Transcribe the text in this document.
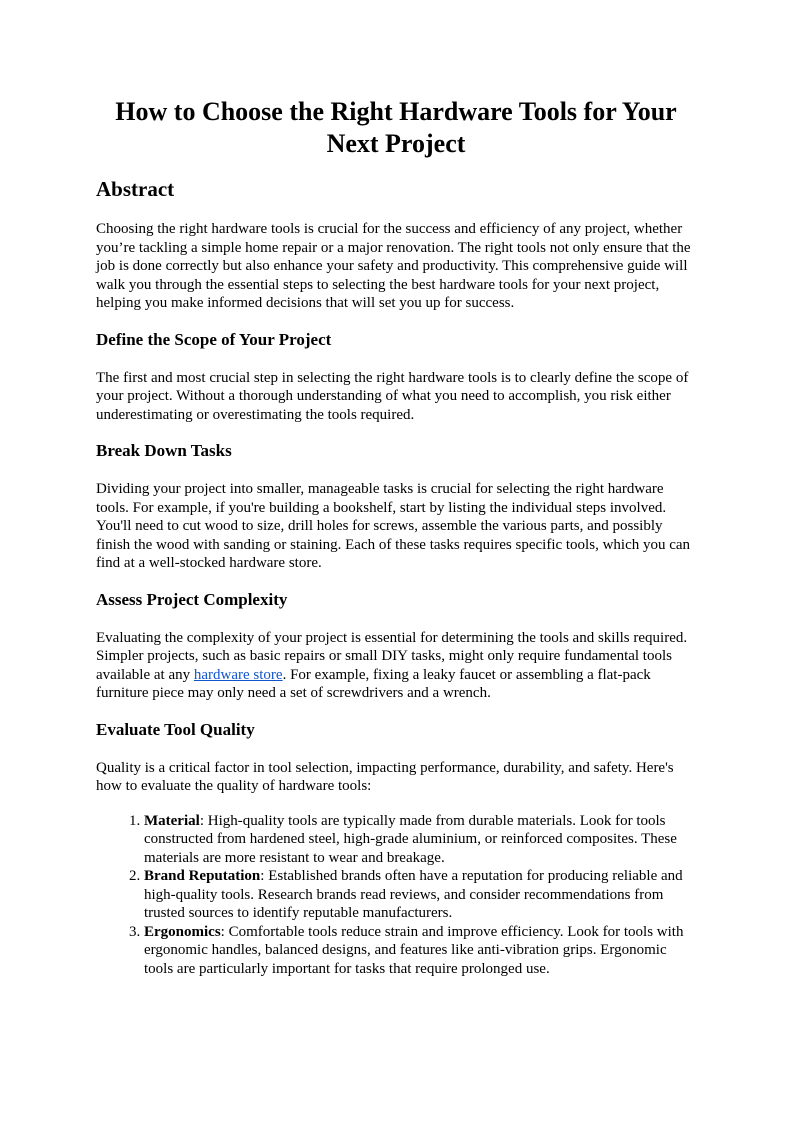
How to Choose the Right Hardware Tools for Your Next Project
Abstract

Choosing the right hardware tools is crucial for the success and efficiency of any project, whether you’re tackling a simple home repair or a major renovation. The right tools not only ensure that the job is done correctly but also enhance your safety and productivity. This comprehensive guide will walk you through the essential steps to selecting the best hardware tools for your next project, helping you make informed decisions that will set you up for success.

Define the Scope of Your Project

The first and most crucial step in selecting the right hardware tools is to clearly define the scope of your project. Without a thorough understanding of what you need to accomplish, you risk either underestimating or overestimating the tools required.

Break Down Tasks

Dividing your project into smaller, manageable tasks is crucial for selecting the right hardware tools. For example, if you're building a bookshelf, start by listing the individual steps involved. You'll need to cut wood to size, drill holes for screws, assemble the various parts, and possibly finish the wood with sanding or staining. Each of these tasks requires specific tools, which you can find at a well-stocked hardware store.

Assess Project Complexity

Evaluating the complexity of your project is essential for determining the tools and skills required. Simpler projects, such as basic repairs or small DIY tasks, might only require fundamental tools available at any hardware store. For example, fixing a leaky faucet or assembling a flat-pack furniture piece may only need a set of screwdrivers and a wrench.

Evaluate Tool Quality

Quality is a critical factor in tool selection, impacting performance, durability, and safety. Here's how to evaluate the quality of hardware tools:

1. Material: High-quality tools are typically made from durable materials. Look for tools constructed from hardened steel, high-grade aluminium, or reinforced composites. These materials are more resistant to wear and breakage.
2. Brand Reputation: Established brands often have a reputation for producing reliable and high-quality tools. Research brands read reviews, and consider recommendations from trusted sources to identify reputable manufacturers.
3. Ergonomics: Comfortable tools reduce strain and improve efficiency. Look for tools with ergonomic handles, balanced designs, and features like anti-vibration grips. Ergonomic tools are particularly important for tasks that require prolonged use.
